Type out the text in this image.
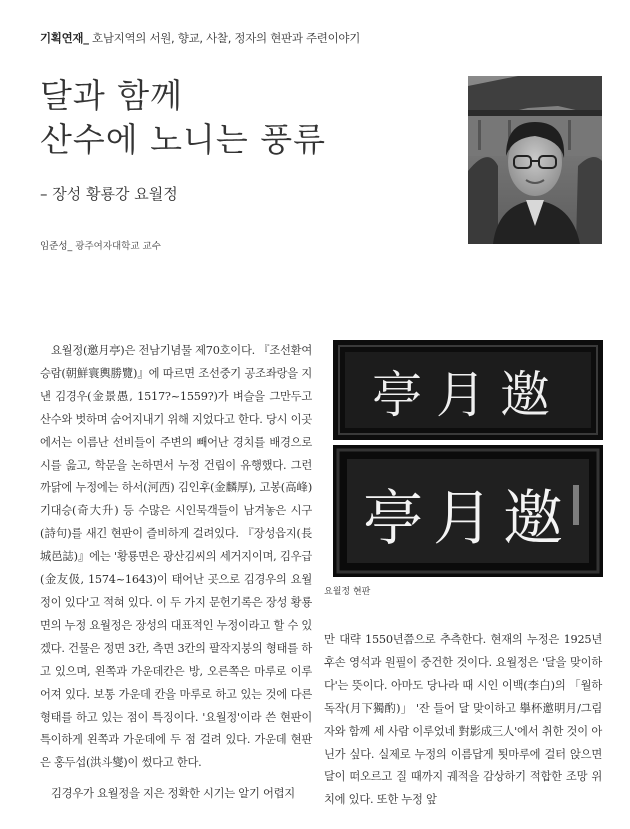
기획연재_ 호남지역의 서원, 향교, 사찰, 정자의 현판과 주련이야기
달과 함께
산수에 노니는 풍류
– 장성 황룡강 요월정
임준성_ 광주여자대학교 교수

요월정(邀月亭)은 전남기념물 제70호이다. 『조선환여승람(朝鮮寰輿勝覽)』에 따르면 조선중기 공조좌랑을 지낸 김경우(金景愚, 1517?~1559?)가 벼슬을 그만두고 산수와 벗하며 숨어지내기 위해 지었다고 한다. 당시 이곳에서는 이름난 선비들이 주변의 빼어난 경치를 배경으로 시를 읊고, 학문을 논하면서 누정 건립이 유행했다. 그런 까닭에 누정에는 하서(河西) 김인후(金麟厚), 고봉(高峰) 기대승(奇大升) 등 수많은 시인묵객들이 남겨놓은 시구(詩句)를 새긴 현판이 즐비하게 걸려있다. 『장성읍지(長城邑誌)』에는 '황룡면은 광산김씨의 세거지이며, 김우급(金友伋, 1574~1643)이 태어난 곳으로 김경우의 요월정이 있다'고 적혀 있다. 이 두 가지 문헌기록은 장성 황룡면의 누정 요월정은 장성의 대표적인 누정이라고 할 수 있겠다. 건물은 정면 3칸, 측면 3칸의 팔작지붕의 형태를 하고 있으며, 왼쪽과 가운데칸은 방, 오른쪽은 마루로 이루어져 있다. 보통 가운데 칸을 마루로 하고 있는 것에 다른 형태를 하고 있는 점이 특징이다. '요월정'이라 쓴 현판이 특이하게 왼쪽과 가운데에 두 점 걸려 있다. 가운데 현판은 홍두섭(洪斗燮)이 썼다고 한다.

김경우가 요월정을 지은 정확한 시기는 알기 어렵지

亭月邀
亭月邀
요월정 현판

만 대략 1550년쯤으로 추측한다. 현재의 누정은 1925년 후손 영석과 원필이 중건한 것이다. 요월정은 '달을 맞이하다'는 뜻이다. 아마도 당나라 때 시인 이백(李白)의 「월하독작(月下獨酌)」 '잔 들어 달 맞이하고 擧杯邀明月/그림자와 함께 세 사람 이루었네 對影成三人'에서 취한 것이 아닌가 싶다. 실제로 누정의 이름답게 툇마루에 걸터 앉으면 달이 떠오르고 질 때까지 궤적을 감상하기 적합한 조망 위치에 있다. 또한 누정 앞
